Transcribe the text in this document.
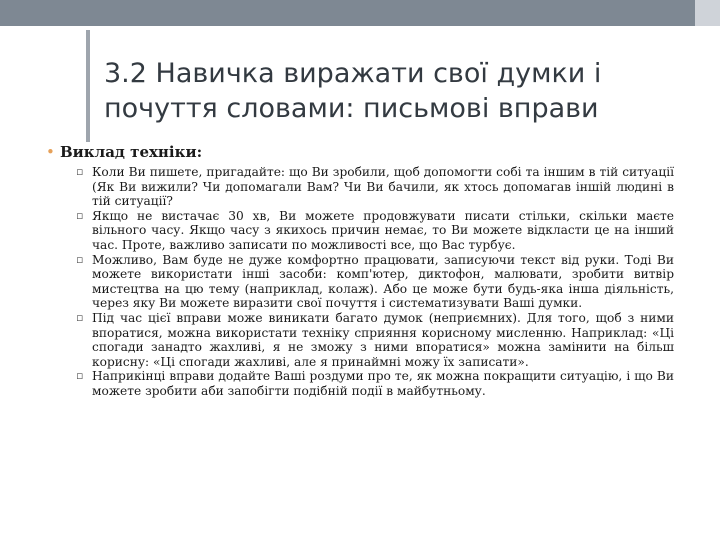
3.2 Навичка виражати свої думки і почуття словами: письмові вправи
• Виклад техніки:
▫ Коли Ви пишете, пригадайте: що Ви зробили, щоб допомогти собі та іншим в тій ситуації (Як Ви вижили? Чи допомагали Вам? Чи Ви бачили, як хтось допомагав іншій людині в тій ситуації?
▫ Якщо не вистачає 30 хв, Ви можете продовжувати писати стільки, скільки маєте вільного часу. Якщо часу з якихось причин немає, то Ви можете відкласти це на інший час. Проте, важливо записати по можливості все, що Вас турбує.
▫ Можливо, Вам буде не дуже комфортно працювати, записуючи текст від руки. Тоді Ви можете використати інші засоби: комп'ютер, диктофон, малювати, зробити витвір мистецтва на цю тему (наприклад, колаж). Або це може бути будь-яка інша діяльність, через яку Ви можете виразити свої почуття і систематизувати Ваші думки.
▫ Під час цієї вправи може виникати багато думок (неприємних). Для того, щоб з ними впоратися, можна використати техніку сприяння корисному мисленню. Наприклад: «Ці спогади занадто жахливі, я не зможу з ними впоратися» можна замінити на більш корисну: «Ці спогади жахливі, але я принаймні можу їх записати».
▫ Наприкінці вправи додайте Ваші роздуми про те, як можна покращити ситуацію, і що Ви можете зробити аби запобігти подібній події в майбутньому.
